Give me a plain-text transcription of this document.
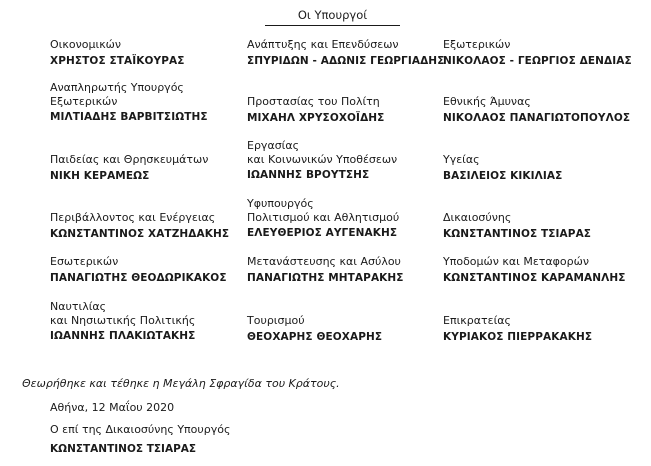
Οι Υπουργοί
Οικονομικών
ΧΡΗΣΤΟΣ ΣΤΑΪΚΟΥΡΑΣ
Ανάπτυξης και Επενδύσεων
ΣΠΥΡΙΔΩΝ - ΑΔΩΝΙΣ ΓΕΩΡΓΙΑΔΗΣ
Εξωτερικών
ΝΙΚΟΛΑΟΣ - ΓΕΩΡΓΙΟΣ ΔΕΝΔΙΑΣ
Αναπληρωτής Υπουργός
Εξωτερικών
ΜΙΛΤΙΑΔΗΣ ΒΑΡΒΙΤΣΙΩΤΗΣ
Προστασίας του Πολίτη
ΜΙΧΑΗΛ ΧΡΥΣΟΧΟΪΔΗΣ
Εθνικής Άμυνας
ΝΙΚΟΛΑΟΣ ΠΑΝΑΓΙΩΤΟΠΟΥΛΟΣ
Παιδείας και Θρησκευμάτων
ΝΙΚΗ ΚΕΡΑΜΕΩΣ
Εργασίας
και Κοινωνικών Υποθέσεων
ΙΩΑΝΝΗΣ ΒΡΟΥΤΣΗΣ
Υγείας
ΒΑΣΙΛΕΙΟΣ ΚΙΚΙΛΙΑΣ
Περιβάλλοντος και Ενέργειας
ΚΩΝΣΤΑΝΤΙΝΟΣ ΧΑΤΖΗΔΑΚΗΣ
Υφυπουργός
Πολιτισμού και Αθλητισμού
ΕΛΕΥΘΕΡΙΟΣ ΑΥΓΕΝΑΚΗΣ
Δικαιοσύνης
ΚΩΝΣΤΑΝΤΙΝΟΣ ΤΣΙΑΡΑΣ
Εσωτερικών
ΠΑΝΑΓΙΩΤΗΣ ΘΕΟΔΩΡΙΚΑΚΟΣ
Μετανάστευσης και Ασύλου
ΠΑΝΑΓΙΩΤΗΣ ΜΗΤΑΡΑΚΗΣ
Υποδομών και Μεταφορών
ΚΩΝΣΤΑΝΤΙΝΟΣ ΚΑΡΑΜΑΝΛΗΣ
Ναυτιλίας
και Νησιωτικής Πολιτικής
ΙΩΑΝΝΗΣ ΠΛΑΚΙΩΤΑΚΗΣ
Τουρισμού
ΘΕΟΧΑΡΗΣ ΘΕΟΧΑΡΗΣ
Επικρατείας
ΚΥΡΙΑΚΟΣ ΠΙΕΡΡΑΚΑΚΗΣ
Θεωρήθηκε και τέθηκε η Μεγάλη Σφραγίδα του Κράτους.
Αθήνα, 12 Μαΐου 2020
Ο επί της Δικαιοσύνης Υπουργός
ΚΩΝΣΤΑΝΤΙΝΟΣ ΤΣΙΑΡΑΣ
